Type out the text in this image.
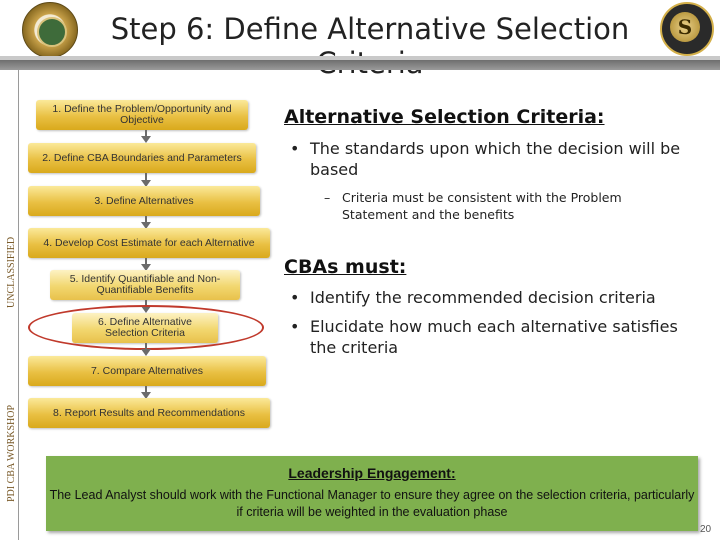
Step 6: Define Alternative Selection	S
UNCLASSIFIED
PDI CBA WORKSHOP
1. Define the Problem/Opportunity and Objective
2. Define CBA Boundaries and Parameters
3. Define Alternatives
4. Develop Cost Estimate for each Alternative
5. Identify Quantifiable and Non- Quantifiable Benefits
6. Define Alternative Selection Criteria
7. Compare Alternatives
8. Report Results and Recommendations
Alternative Selection Criteria:
• The standards upon which the decision will be based
– Criteria must be consistent with the Problem Statement and the benefits
CBAs must:
• Identify the recommended decision criteria
• Elucidate how much each alternative satisfies the criteria
Leadership Engagement:
The Lead Analyst should work with the Functional Manager to ensure they agree on the selection criteria, particularly if criteria will be weighted in the evaluation phase
20
